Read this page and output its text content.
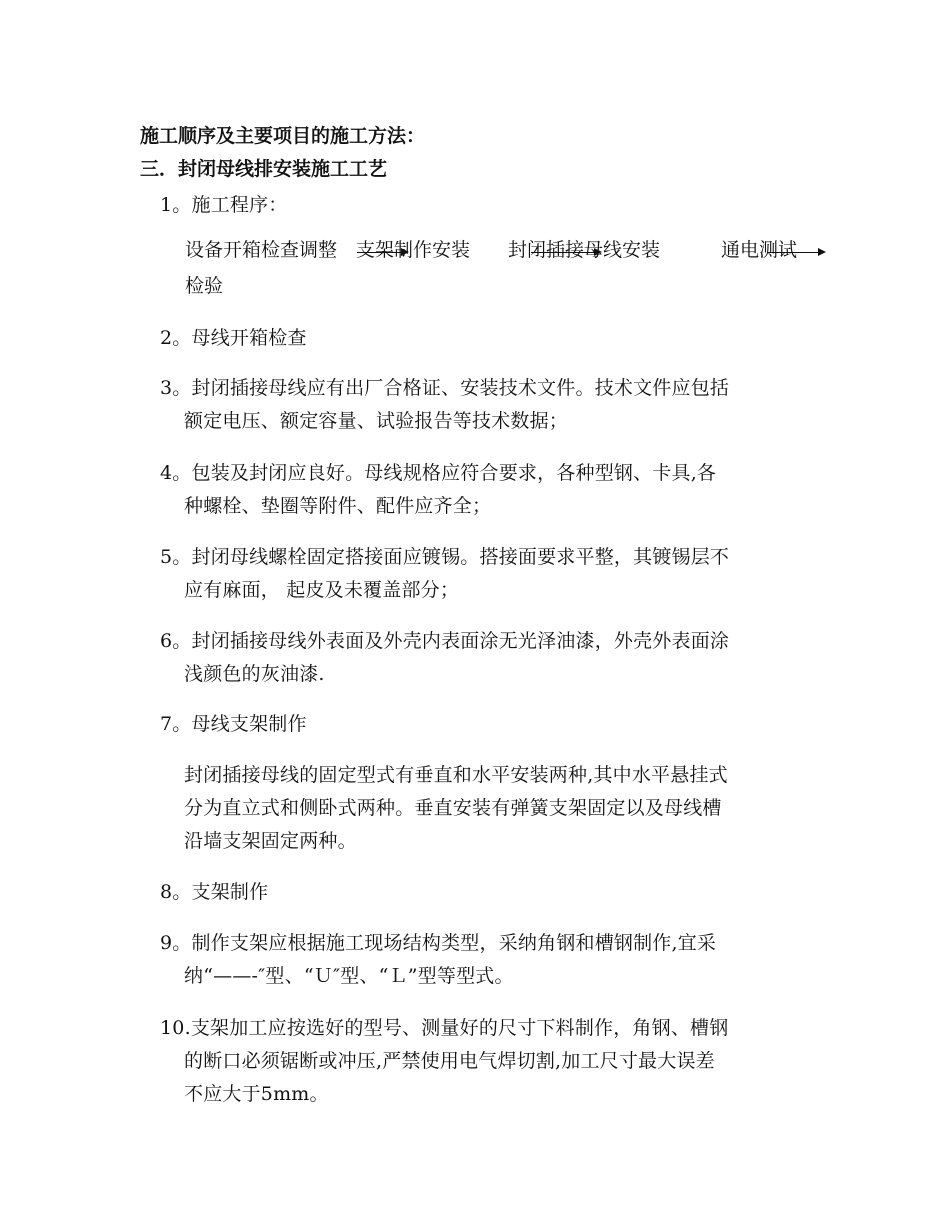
施工顺序及主要项目的施工方法：
三．封闭母线排安装施工工艺
1。施工程序：
设备开箱检查调整 支架制作安装 封闭插接母线安装	通电测试
检验
2。母线开箱检查
3。封闭插接母线应有出厂合格证、安装技术文件。技术文件应包括
额定电压、额定容量、试验报告等技术数据；
4。包装及封闭应良好。母线规格应符合要求，各种型钢、卡具,各
种螺栓、垫圈等附件、配件应齐全；
5。封闭母线螺栓固定搭接面应镀锡。搭接面要求平整，其镀锡层不
应有麻面， 起皮及未覆盖部分；
6。封闭插接母线外表面及外壳内表面涂无光泽油漆，外壳外表面涂
浅颜色的灰油漆.
7。母线支架制作
封闭插接母线的固定型式有垂直和水平安装两种,其中水平悬挂式
分为直立式和侧卧式两种。垂直安装有弹簧支架固定以及母线槽
沿墙支架固定两种。
8。支架制作
9。制作支架应根据施工现场结构类型，采纳角钢和槽钢制作,宜采
纳“——-″型、“Ｕ″型、“Ｌ”型等型式。
10.支架加工应按选好的型号、测量好的尺寸下料制作，角钢、槽钢
的断口必须锯断或冲压,严禁使用电气焊切割,加工尺寸最大误差
不应大于5mm。
